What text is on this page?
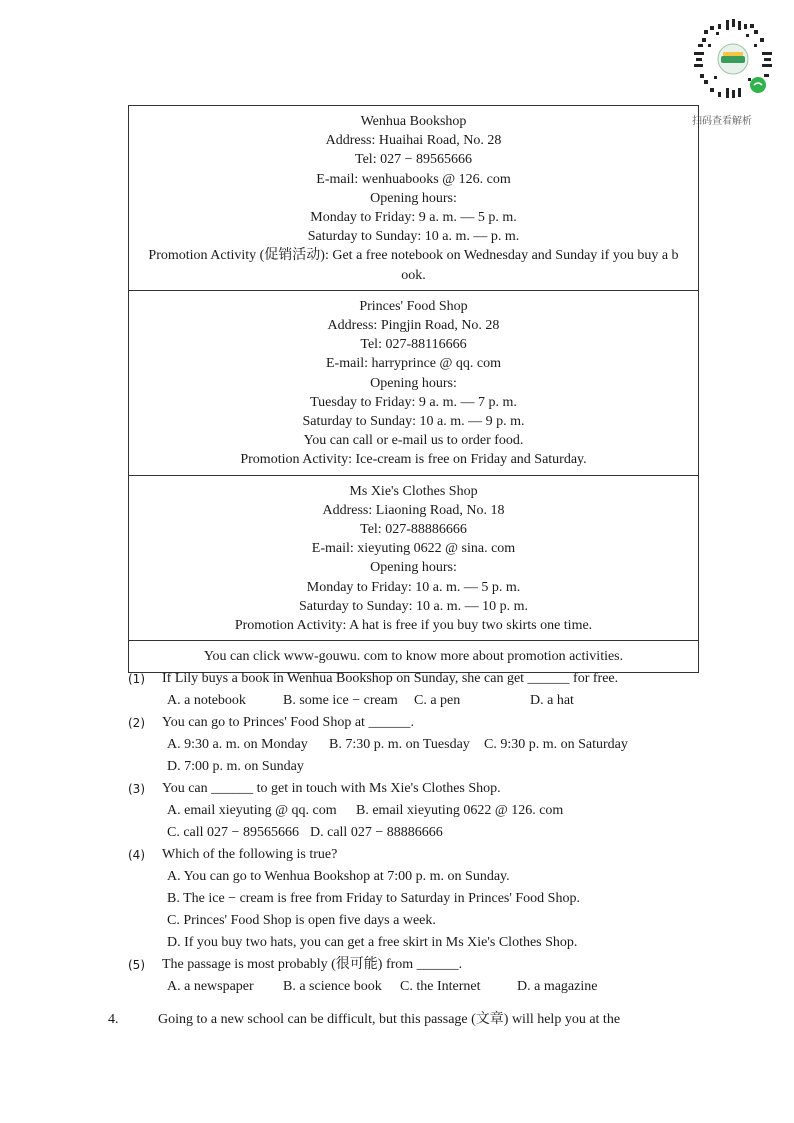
扫码查看解析
Wenhua Bookshop
Address: Huaihai Road, No. 28
Tel: 027 − 89565666
E-mail: wenhuabooks @ 126. com
Opening hours:
Monday to Friday: 9 a. m. — 5 p. m.
Saturday to Sunday: 10 a. m. — p. m.
Promotion Activity (促销活动): Get a free notebook on Wednesday and Sunday if you buy a b
ook.
Princes' Food Shop
Address: Pingjin Road, No. 28
Tel: 027-88116666
E-mail: harryprince @ qq. com
Opening hours:
Tuesday to Friday: 9 a. m. — 7 p. m.
Saturday to Sunday: 10 a. m. — 9 p. m.
You can call or e-mail us to order food.
Promotion Activity: Ice-cream is free on Friday and Saturday.
Ms Xie's Clothes Shop
Address: Liaoning Road, No. 18
Tel: 027-88886666
E-mail: xieyuting 0622 @ sina. com
Opening hours:
Monday to Friday: 10 a. m. — 5 p. m.
Saturday to Sunday: 10 a. m. — 10 p. m.
Promotion Activity: A hat is free if you buy two skirts one time.
You can click www-gouwu. com to know more about promotion activities.
(1)	If Lily buys a book in Wenhua Bookshop on Sunday, she can get ______ for free.
A. a notebook	B. some ice − cream C. a pen	D. a hat
(2)	You can go to Princes' Food Shop at ______.
A. 9:30 a. m. on Monday B. 7:30 p. m. on Tuesday C. 9:30 p. m. on Saturday
D. 7:00 p. m. on Sunday
(3)	You can ______ to get in touch with Ms Xie's Clothes Shop.
A. email xieyuting @ qq. com B. email xieyuting 0622 @ 126. com
C. call 027 − 89565666 D. call 027 − 88886666
(4)	Which of the following is true?
A. You can go to Wenhua Bookshop at 7:00 p. m. on Sunday.
B. The ice − cream is free from Friday to Saturday in Princes' Food Shop.
C. Princes' Food Shop is open five days a week.
D. If you buy two hats, you can get a free skirt in Ms Xie's Clothes Shop.
(5)	The passage is most probably (很可能) from ______.
A. a newspaper B. a science book C. the Internet	D. a magazine
4.	Going to a new school can be difficult, but this passage (文章) will help you at the
